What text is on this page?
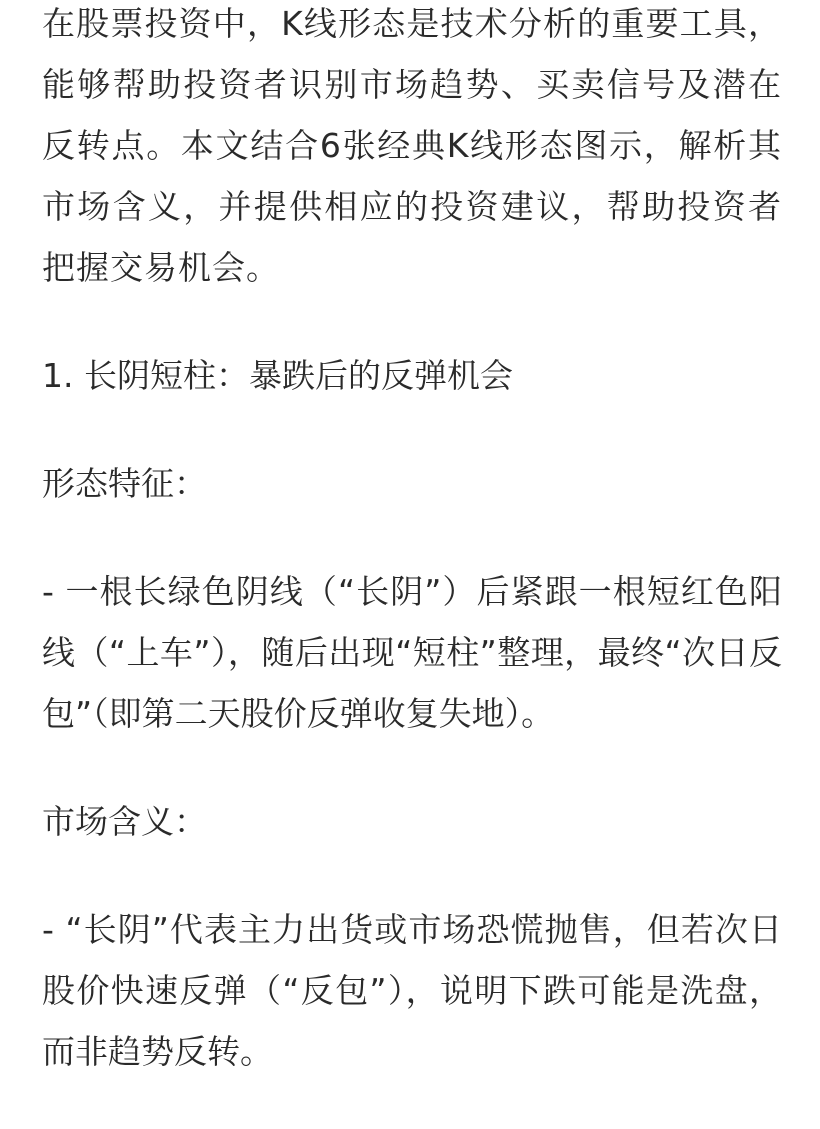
在股票投资中，K线形态是技术分析的重要工具，能够帮助投资者识别市场趋势、买卖信号及潜在反转点。本文结合6张经典K线形态图示，解析其市场含义，并提供相应的投资建议，帮助投资者把握交易机会。

1. 长阴短柱：暴跌后的反弹机会

形态特征：

- 一根长绿色阴线（“长阴”）后紧跟一根短红色阳线（“上车”），随后出现“短柱”整理，最终“次日反包”（即第二天股价反弹收复失地）。

市场含义：

- “长阴”代表主力出货或市场恐慌抛售，但若次日股价快速反弹（“反包”），说明下跌可能是洗盘，而非趋势反转。
